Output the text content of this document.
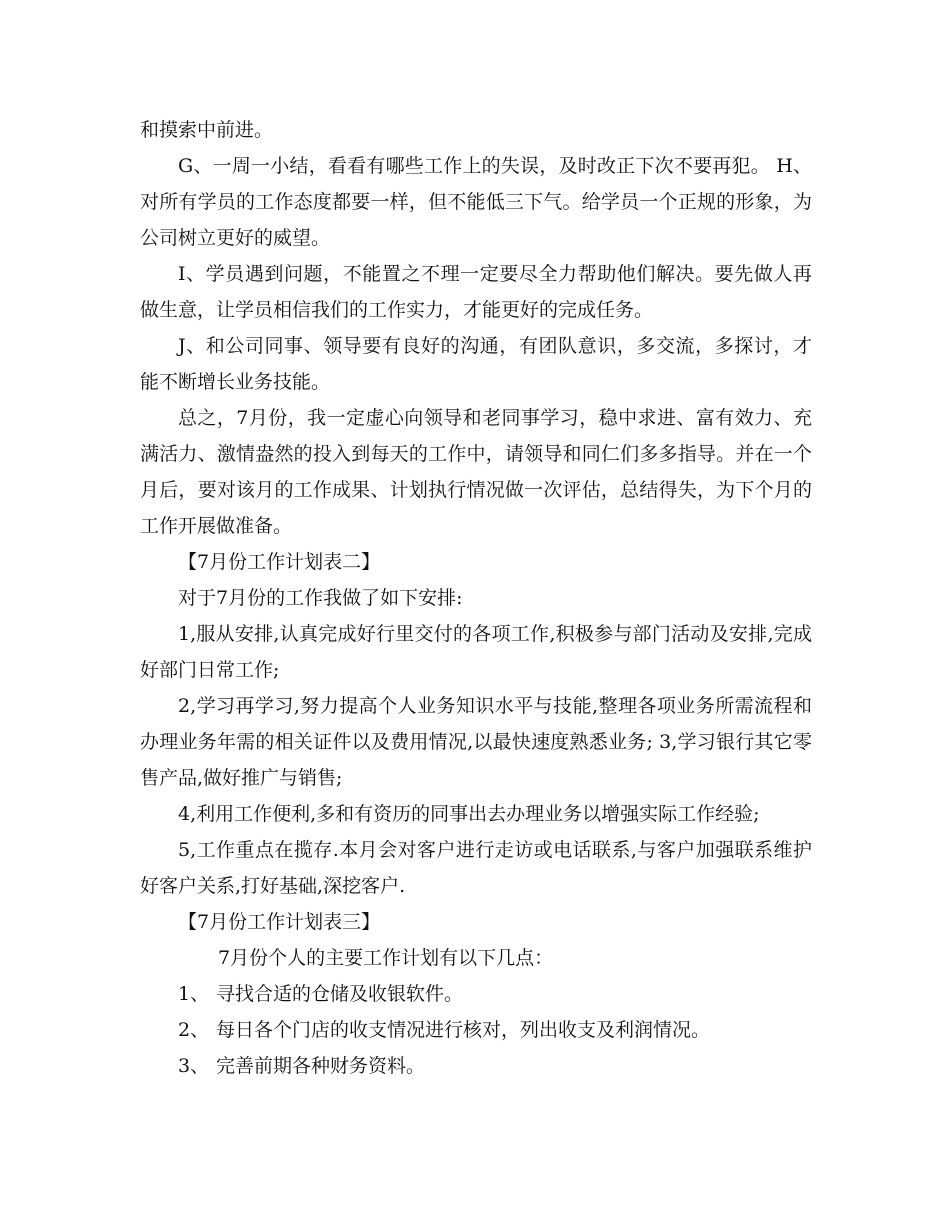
和摸索中前进。

G、一周一小结，看看有哪些工作上的失误，及时改正下次不要再犯。 H、对所有学员的工作态度都要一样，但不能低三下气。给学员一个正规的形象，为公司树立更好的威望。

I、学员遇到问题，不能置之不理一定要尽全力帮助他们解决。要先做人再做生意，让学员相信我们的工作实力，才能更好的完成任务。

J、和公司同事、领导要有良好的沟通，有团队意识，多交流，多探讨，才能不断增长业务技能。

总之，7月份，我一定虚心向领导和老同事学习，稳中求进、富有效力、充满活力、激情盎然的投入到每天的工作中，请领导和同仁们多多指导。并在一个月后，要对该月的工作成果、计划执行情况做一次评估，总结得失，为下个月的工作开展做准备。

【7月份工作计划表二】

对于7月份的工作我做了如下安排:

1,服从安排,认真完成好行里交付的各项工作,积极参与部门活动及安排,完成好部门日常工作;

2,学习再学习,努力提高个人业务知识水平与技能,整理各项业务所需流程和办理业务年需的相关证件以及费用情况,以最快速度熟悉业务; 3,学习银行其它零售产品,做好推广与销售;

4,利用工作便利,多和有资历的同事出去办理业务以增强实际工作经验;

5,工作重点在揽存.本月会对客户进行走访或电话联系,与客户加强联系维护好客户关系,打好基础,深挖客户.

【7月份工作计划表三】

7月份个人的主要工作计划有以下几点：

1、 寻找合适的仓储及收银软件。

2、 每日各个门店的收支情况进行核对，列出收支及利润情况。

3、 完善前期各种财务资料。
